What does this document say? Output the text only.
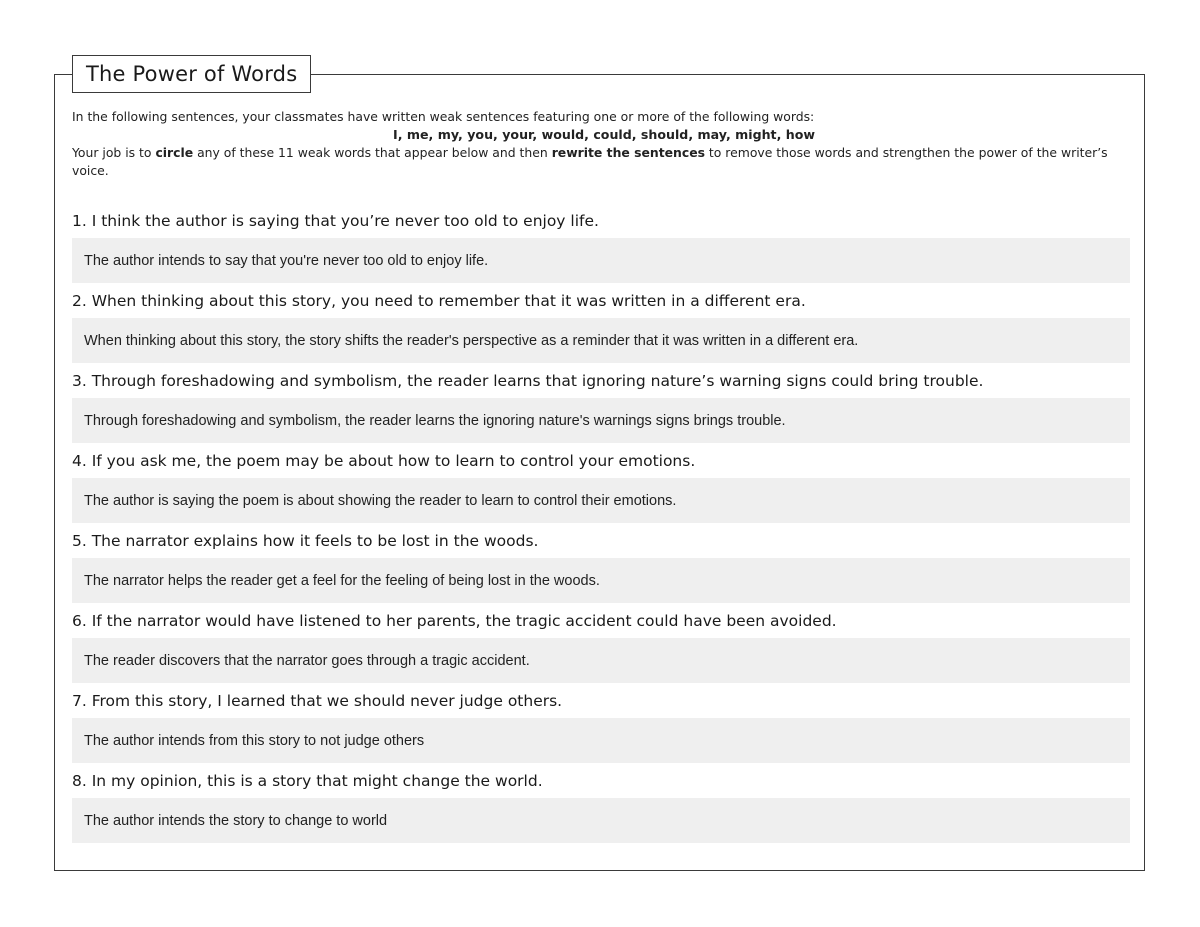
The Power of Words
In the following sentences, your classmates have written weak sentences featuring one or more of the following words:
I, me, my, you, your, would, could, should, may, might, how
Your job is to circle any of these 11 weak words that appear below and then rewrite the sentences to remove those words and strengthen the power of the writer’s voice.
1. I think the author is saying that you’re never too old to enjoy life.
The author intends to say that you're never too old to enjoy life.
2. When thinking about this story, you need to remember that it was written in a different era.
When thinking about this story, the story shifts the reader's perspective as a reminder that it was written in a different era.
3. Through foreshadowing and symbolism, the reader learns that ignoring nature’s warning signs could bring trouble.
Through foreshadowing and symbolism, the reader learns the ignoring nature's warnings signs brings trouble.
4. If you ask me, the poem may be about how to learn to control your emotions.
The author is saying the poem is about showing the reader to learn to control their emotions.
5. The narrator explains how it feels to be lost in the woods.
The narrator helps the reader get a feel for the feeling of being lost in the woods.
6. If the narrator would have listened to her parents, the tragic accident could have been avoided.
The reader discovers that the narrator goes through a tragic accident.
7. From this story, I learned that we should never judge others.
The author intends from this story to not judge others
8. In my opinion, this is a story that might change the world.
The author intends the story to change to world
